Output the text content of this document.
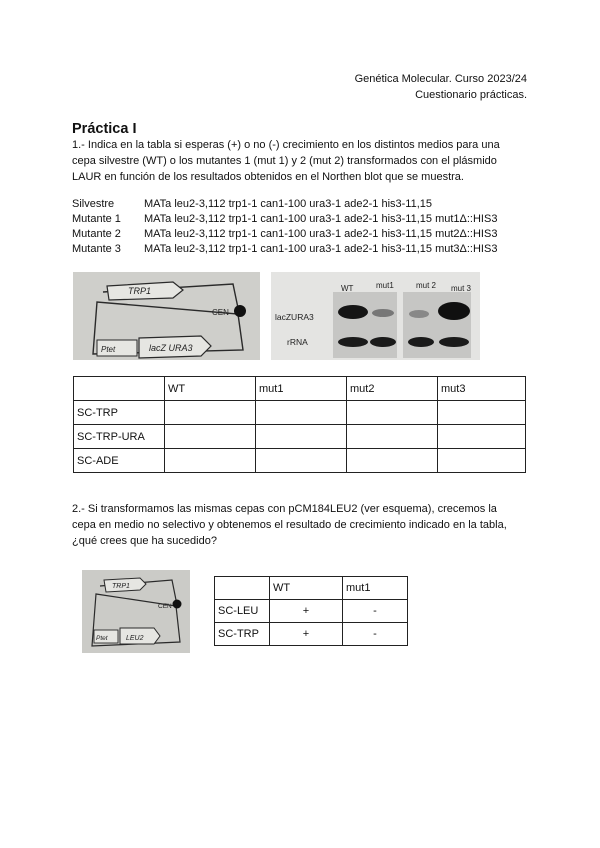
Genética Molecular. Curso 2023/24
Cuestionario prácticas.
Práctica I
1.- Indica en la tabla si esperas (+) o no (-) crecimiento en los distintos medios para una
cepa silvestre (WT) o los mutantes 1 (mut 1) y 2 (mut 2) transformados con el plásmido
LAUR en función de los resultados obtenidos en el Northen blot que se muestra.
Silvestre	MATa leu2-3,112 trp1-1 can1-100 ura3-1 ade2-1 his3-11,15
Mutante 1 MATa leu2-3,112 trp1-1 can1-100 ura3-1 ade2-1 his3-11,15 mut1Δ::HIS3
Mutante 2 MATa leu2-3,112 trp1-1 can1-100 ura3-1 ade2-1 his3-11,15 mut2Δ::HIS3
Mutante 3 MATa leu2-3,112 trp1-1 can1-100 ura3-1 ade2-1 his3-11,15 mut3Δ::HIS3
TRP1
CEN
Ptet	lacZ URA3
WT	mut1	mut 2 mut 3
lacZURA3
rRNA
	WT	mut1	mut2	mut3
SC-TRP				
SC-TRP-URA				
SC-ADE				
2.- Si transformamos las mismas cepas con pCM184LEU2 (ver esquema), crecemos la
cepa en medio no selectivo y obtenemos el resultado de crecimiento indicado en la tabla,
¿qué crees que ha sucedido?
TRP1
CEN
Ptet	LEU2
	WT	mut1
SC-LEU	+	-
SC-TRP	+	-
